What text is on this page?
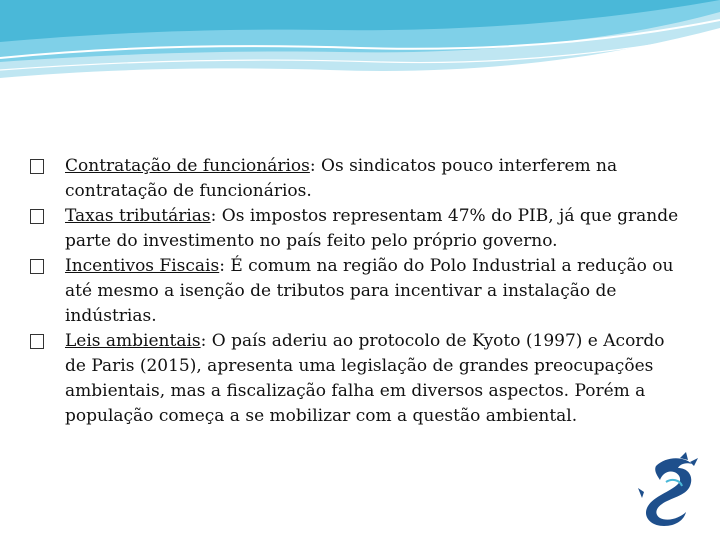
Contratação de funcionários: Os sindicatos pouco interferem na contratação de funcionários.

Taxas tributárias: Os impostos representam 47% do PIB, já que grande parte do investimento no país feito pelo próprio governo.

Incentivos Fiscais: É comum na região do Polo Industrial a redução ou até mesmo a isenção de tributos para incentivar a instalação de indústrias.

Leis ambientais: O país aderiu ao protocolo de Kyoto (1997) e Acordo de Paris (2015), apresenta uma legislação de grandes preocupações ambientais, mas a fiscalização falha em diversos aspectos. Porém a população começa a se mobilizar com a questão ambiental.
